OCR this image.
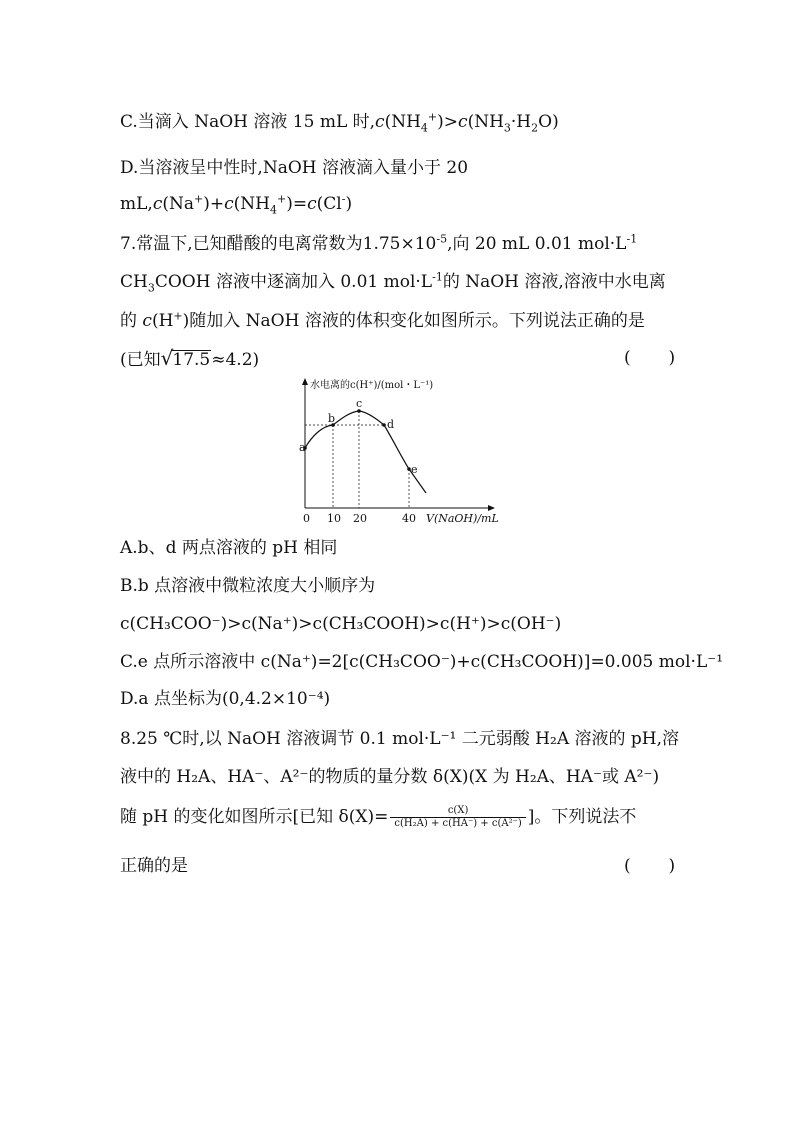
C.当滴入 NaOH 溶液 15 mL 时$,c(NH_4^+)>c(NH_3\cdot H_2O)$
D.当溶液呈中性时,NaOH 溶液滴入量小于 20
$mL,c(Na^+)+c(NH_4^+)=c(Cl^-)$
7.常温下,已知醋酸的电离常数为$1.75\times 10^{-5}$,向 20 mL 0.01 $mol\cdot L^{-1}$
$CH_3COOH$ 溶液中逐滴加入 0.01 $mol\cdot L^{-1}$的 NaOH 溶液,溶液中水电离
的 c(H+)随加入 NaOH 溶液的体积变化如图所示。下列说法正确的是
(已知√17.5≈4.2)	(       )
水电离的c(H⁺)/(mol・L⁻¹)
a
b
c
d
e
0 10 20	40 V(NaOH)/mL
A.b、d 两点溶液的 pH 相同
B.b 点溶液中微粒浓度大小顺序为
c(CH₃COO⁻)>c(Na⁺)>c(CH₃COOH)>c(H⁺)>c(OH⁻)
C.e 点所示溶液中 c(Na⁺)=2[c(CH₃COO⁻)+c(CH₃COOH)]=0.005 mol·L⁻¹
D.a 点坐标为(0,4.2×10⁻⁴)
8.25 ℃时,以 NaOH 溶液调节 0.1 mol·L⁻¹ 二元弱酸 H₂A 溶液的 pH,溶
液中的 H₂A、HA⁻、A²⁻的物质的量分数 δ(X)(X 为 H₂A、HA⁻或 A²⁻)
随 pH 的变化如图所示[已知 $\delta(X)= \frac{c(X)}{\text{c(H₂A) + c(HA⁻) + c(A²⁻)}}$ ]。下列说法不
正确的是	(       )
